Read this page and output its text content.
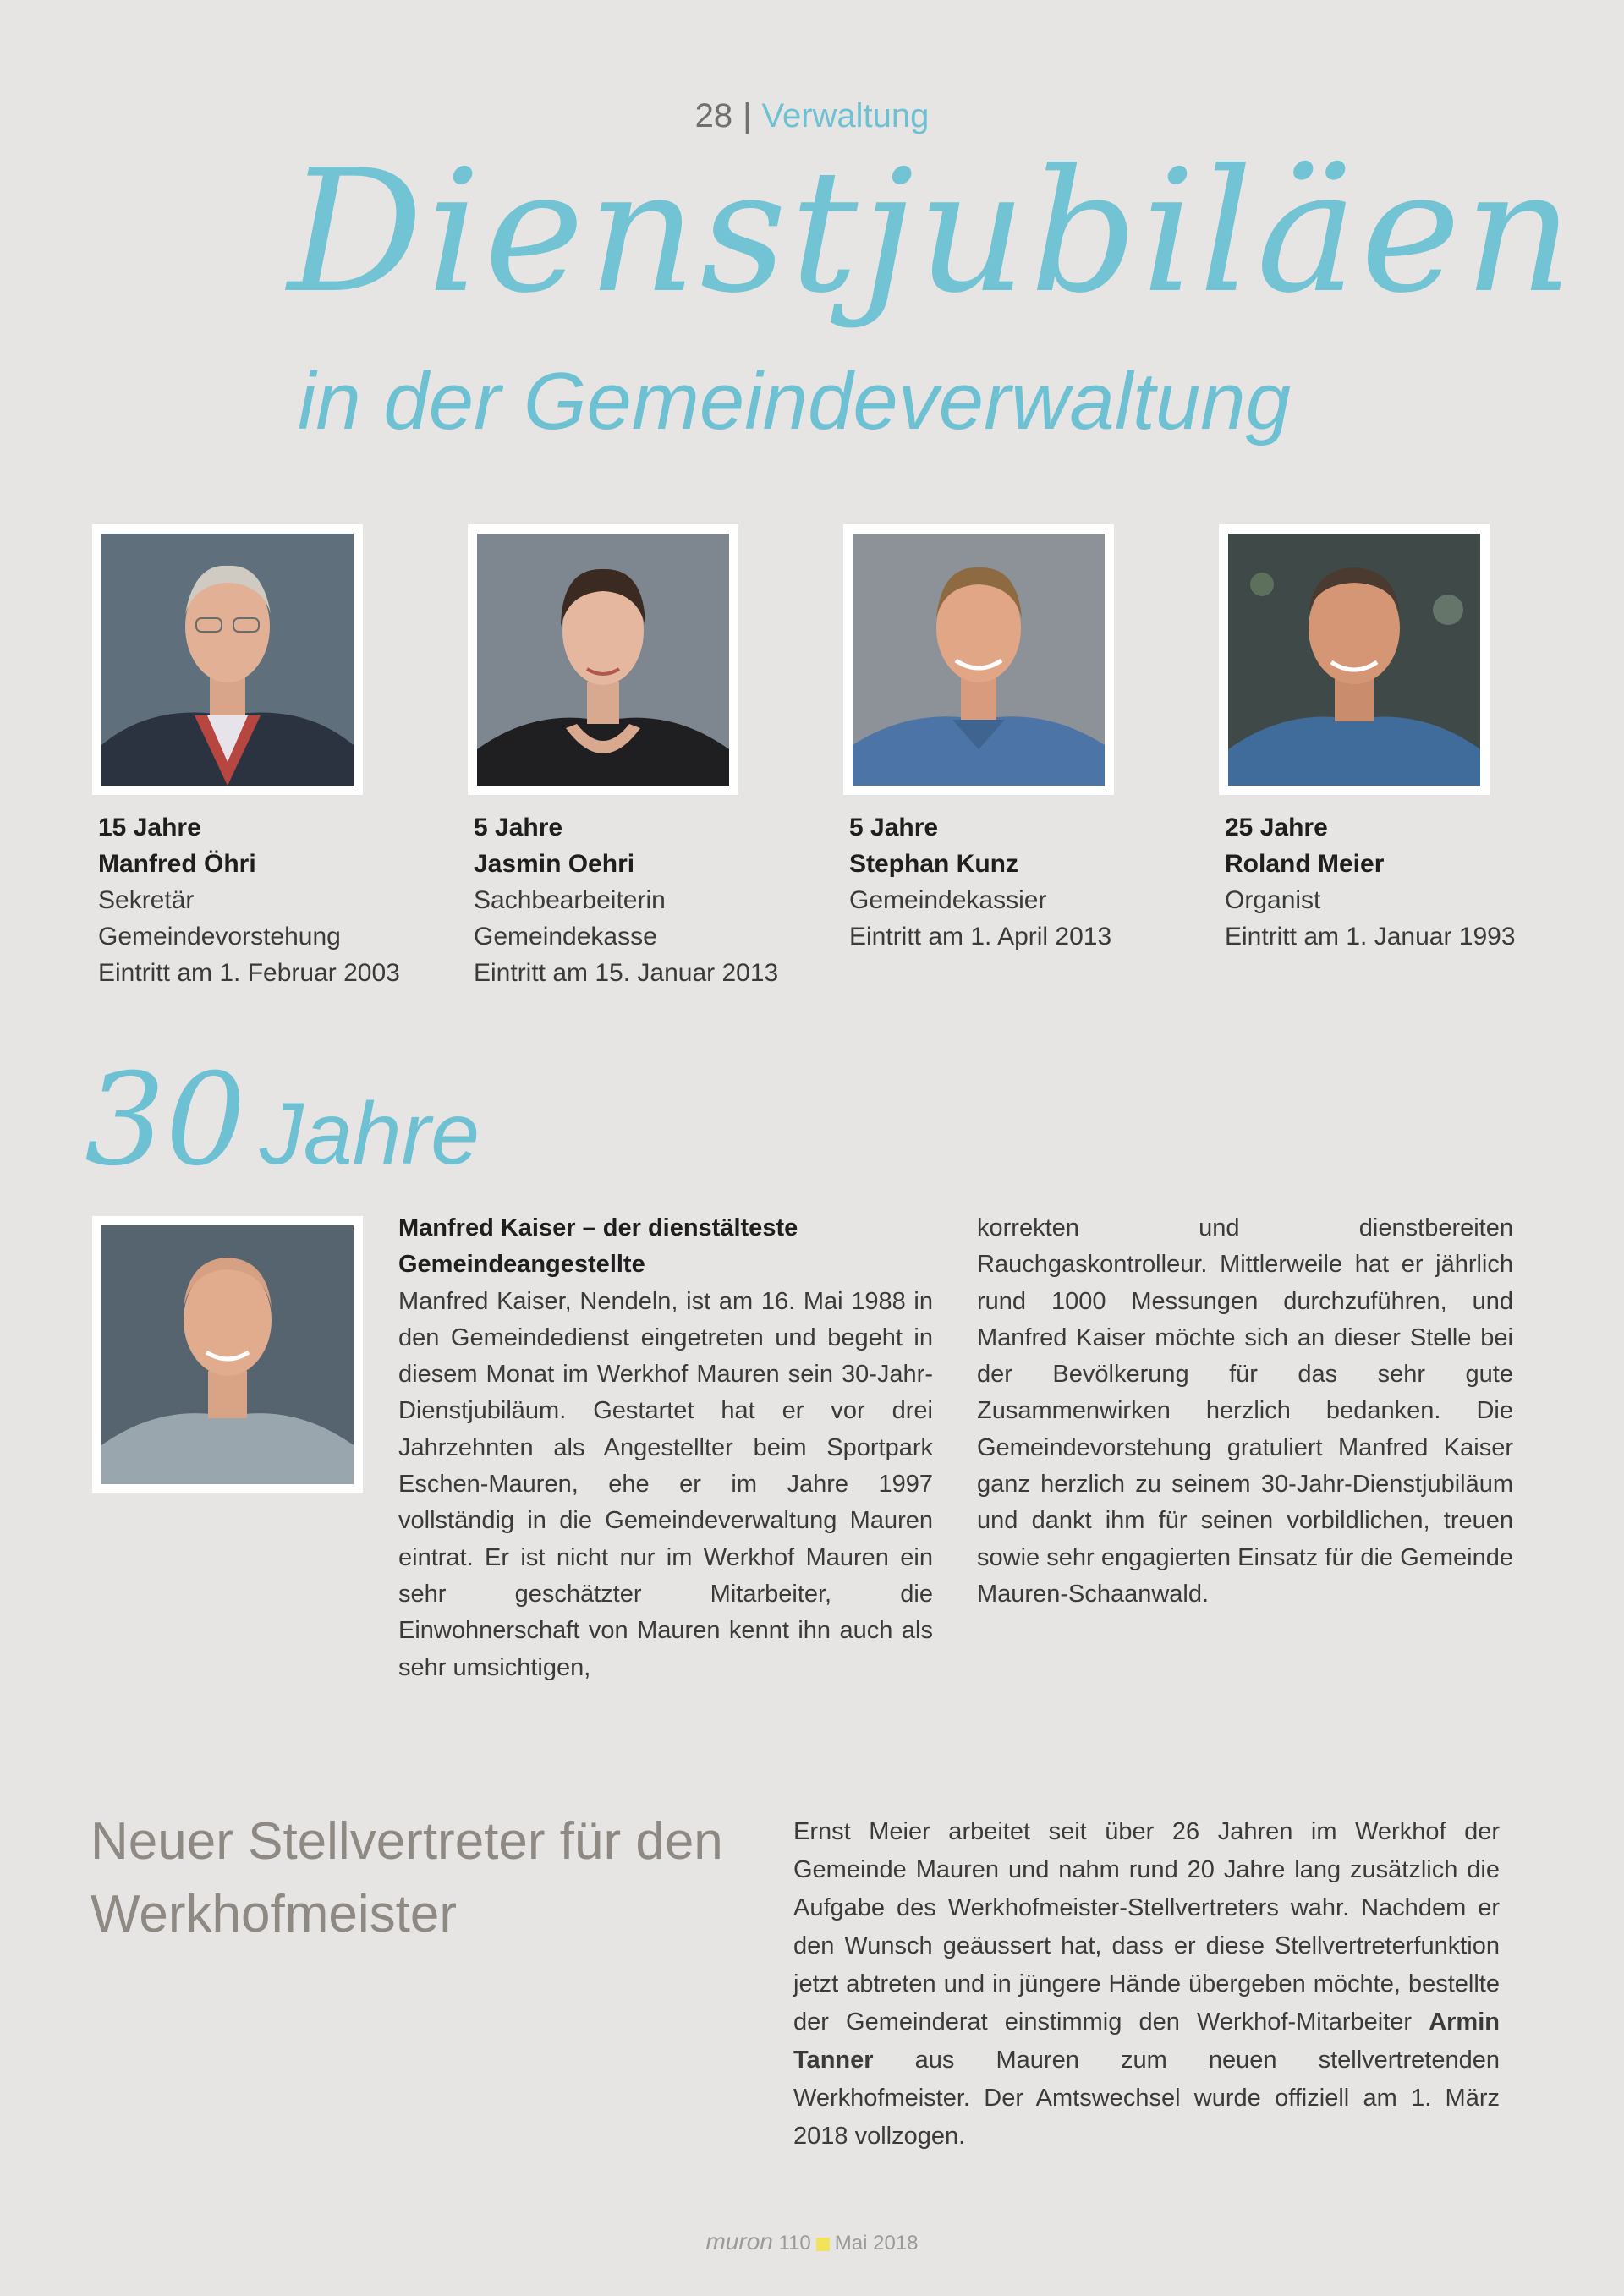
28 | Verwaltung
Dienstjubiläen
in der Gemeindeverwaltung
15 Jahre
Manfred Öhri
Sekretär
Gemeindevorstehung
Eintritt am 1. Februar 2003
5 Jahre
Jasmin Oehri
Sachbearbeiterin
Gemeindekasse
Eintritt am 15. Januar 2013
5 Jahre
Stephan Kunz
Gemeindekassier
Eintritt am 1. April 2013
25 Jahre
Roland Meier
Organist
Eintritt am 1. Januar 1993
30 Jahre
Manfred Kaiser – der dienstälteste Gemeindeangestellte
Manfred Kaiser, Nendeln, ist am 16. Mai 1988 in den Gemeindedienst eingetreten und begeht in diesem Monat im Werkhof Mauren sein 30-Jahr-Dienstjubiläum. Gestartet hat er vor drei Jahrzehnten als Angestellter beim Sportpark Eschen-Mauren, ehe er im Jahre 1997 vollständig in die Gemeindeverwaltung Mauren eintrat. Er ist nicht nur im Werkhof Mauren ein sehr geschätzter Mitarbeiter, die Einwohnerschaft von Mauren kennt ihn auch als sehr umsichtigen,
korrekten und dienstbereiten Rauchgaskontrolleur. Mittlerweile hat er jährlich rund 1000 Messungen durchzuführen, und Manfred Kaiser möchte sich an dieser Stelle bei der Bevölkerung für das sehr gute Zusammenwirken herzlich bedanken. Die Gemeindevorstehung gratuliert Manfred Kaiser ganz herzlich zu seinem 30-Jahr-Dienstjubiläum und dankt ihm für seinen vorbildlichen, treuen sowie sehr engagierten Einsatz für die Gemeinde Mauren-Schaanwald.
Neuer Stellvertreter für den Werkhofmeister
Ernst Meier arbeitet seit über 26 Jahren im Werkhof der Gemeinde Mauren und nahm rund 20 Jahre lang zusätzlich die Aufgabe des Werkhofmeister-Stellvertreters wahr. Nachdem er den Wunsch geäussert hat, dass er diese Stellvertreterfunktion jetzt abtreten und in jüngere Hände übergeben möchte, bestellte der Gemeinderat einstimmig den Werkhof-Mitarbeiter Armin Tanner aus Mauren zum neuen stellvertretenden Werkhofmeister. Der Amtswechsel wurde offiziell am 1. März 2018 vollzogen.
muron 110 Mai 2018
